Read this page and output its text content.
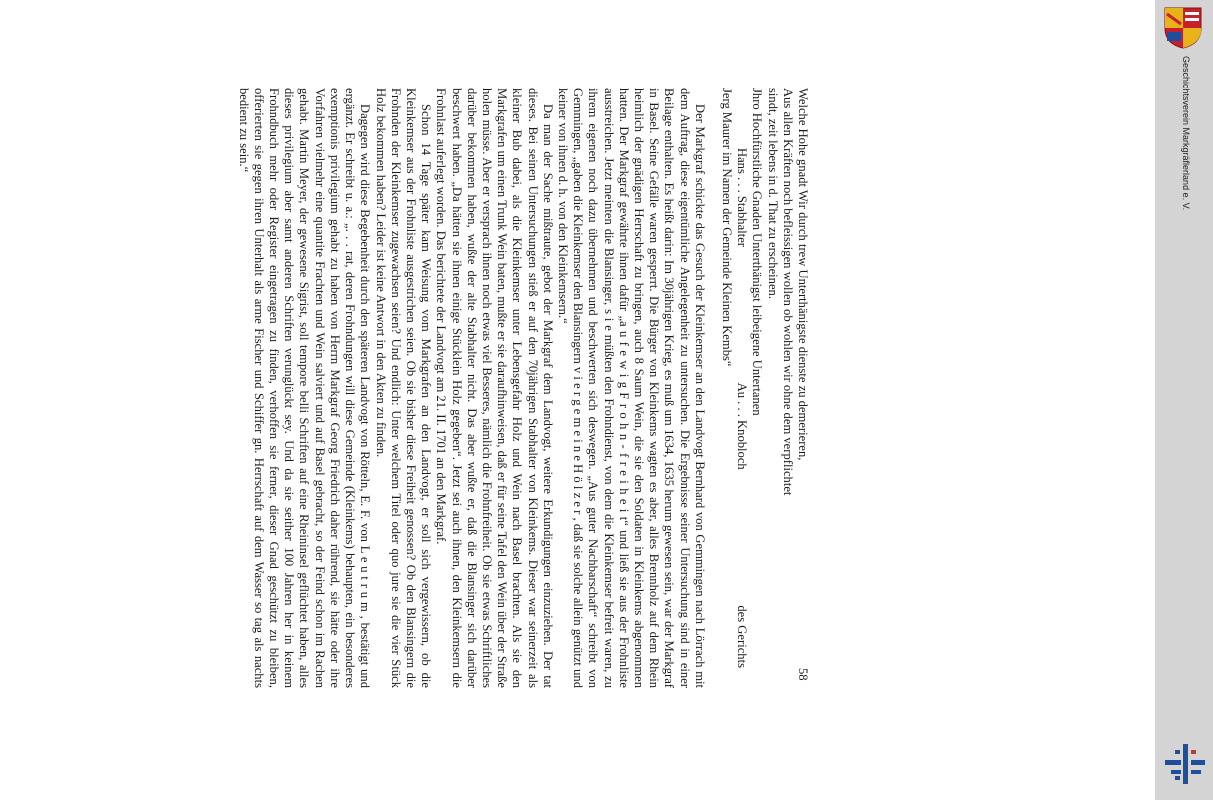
Welche Hohe gnadt Wir durch trew Unterthänigste dienste zu demerieren,

Aus allen Kräften noch befleissigen wollen ob wohlen wir ohne dem verpflichtet

sindt, zeit lebens in d. That zu erscheinen.

Jhro Hochfürstliche Gnaden Unterthänigst leibeigene Untertanen

Hans . . . Stabhalter
Au . . . Knobloch
des Gerichts

Jerg Maurer im Namen der Gemeinde Kleinen Kembs“

Der Markgraf schickte das Gesuch der Kleinkemser an den Landvogt Bernhard von Gemmingen nach Lörrach mit dem Auftrag, diese eigentümliche Angelegenheit zu untersuchen. Die Ergebnisse seiner Untersuchung sind in einer Beilage enthalten. Es heißt darin: Im 30jährigen Krieg, es muß um 1634, 1635 herum gewesen sein, war der Markgraf in Basel. Seine Gefälle waren gesperrt. Die Bürger von Kleinkems wagten es aber, alles Brennholz auf dem Rhein heimlich der gnädigen Herrschaft zu bringen, auch 8 Saum Wein, die sie den Soldaten in Kleinkems abgenommen hatten. Der Markgraf gewährte ihnen dafür „a u f e w i g F r o h n - f r e i h e i t“ und ließ sie aus der Frohnliste ausstreichen. Jetzt meinten die Blansinger, s i e müßten den Frohndienst, von dem die Kleinkemser befreit waren, zu ihrem eigenen noch dazu übernehmen und beschwerten sich deswegen. „Aus guter Nachbarschaft“ schreibt von Gemmingen, „gaben die Kleinkemser den Blansingern v i e r g e m e i n e H ö l z e r , daß sie solche allein genützt und keiner von ihnen d. h. von den Kleinkemsern.“

Da man der Sache mißtraute, gebot der Markgraf dem Landvogt, weitere Erkundigungen einzuziehen. Der tat dieses. Bei seinen Untersuchungen stieß er auf den 70jährigen Stabhalter von Kleinkems. Dieser war seinerzeit als kleiner Bub dabei, als die Kleinkemser unter Lebensgefahr Holz und Wein nach Basel brachten. Als sie den Markgrafen um einen Trunk Wein baten, mußte er sie daraufhinweisen, daß er für seine Tafel den Wein über der Straße holen müsse. Aber er versprach ihnen noch etwas viel Besseres, nämlich die Frohnfreiheit. Ob sie etwas Schriftliches darüber bekommen haben, wußte der alte Stabhalter nicht. Das aber wußte er, daß die Blansinger sich darüber beschwert haben. „Da hätten sie ihnen einige Stücklein Holz gegeben“. Jetzt sei auch ihnen, den Kleinkemsern die Frohnlast auferlegt worden. Das berichtete der Landvogt am 21. II. 1701 an den Markgraf.

Schon 14 Tage später kam Weisung vom Markgrafen an den Landvogt, er soll sich vergewissern, ob die Kleinkemser aus der Frohnliste ausgestrichen seien. Ob sie bisher diese Freiheit genossen? Ob den Blansingern die Frohnden der Kleinkemser zugewachsen seien? Und endlich: Unter welchem Titel oder quo jure sie die vier Stück Holz bekommen haben? Leider ist keine Antwort in den Akten zu finden.

Dagegen wird diese Begebenheit durch den späteren Landvogt von Rötteln, E. F. von L e u t r u m , bestätigt und ergänzt. Er schreibt u. a.: „. . . rat, deren Frohndungen will diese Gemeinde (Kleinkems) behaupten, ein besonderes exemptionis privilegium gehabt zu haben von Herrn Markgraf Georg Friedrich daher rührend, sie hätte oder ihre Vorfahren vielmehr eine quantite Frachten und Wein salviert und auf Basel gebracht, so der Feind schon im Rachen gehabt. Martin Meyer, der gewesene Sigrist, soll tempore belli Schriften auf eine Rheininsel geflüchtet haben, alles dieses privilegium aber samt anderen Schriften verunglückt sey. Und da sie seither 100 Jahren her in keinem Frohndbuch mehr oder Register eingetragen zu finden, verhoffen sie ferner, dieser Gnad geschützt zu bleiben, offerierten sie gegen ihren Unterhalt als arme Fischer und Schiffer gn. Herrschaft auf dem Wasser so tag als nachts bedient zu sein.“

58
Geschichtsverein Markgräflerland e. V.
